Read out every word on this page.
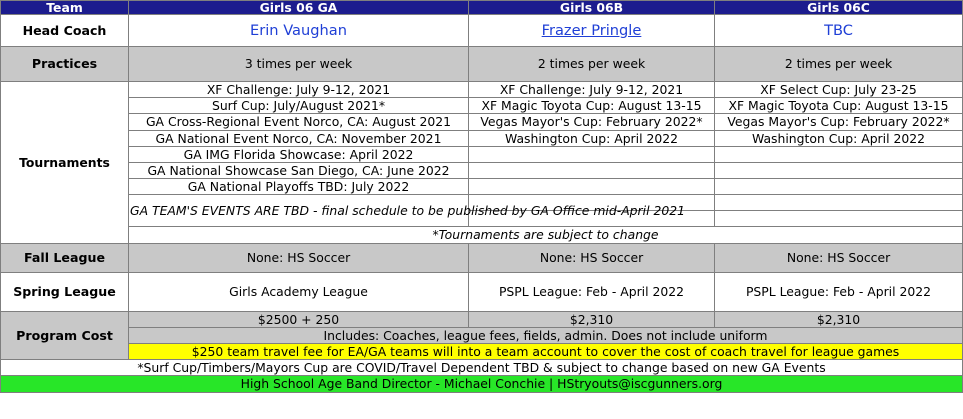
Team	Girls 06 GA	Girls 06B	Girls 06C
Head Coach	Erin Vaughan	Frazer Pringle	TBC
Practices	3 times per week	2 times per week	2 times per week
Tournaments	XF Challenge: July 9-12, 2021	XF Challenge: July 9-12, 2021	XF Select Cup: July 23-25
	Surf Cup: July/August 2021*	XF Magic Toyota Cup: August 13-15	XF Magic Toyota Cup: August 13-15
	GA Cross-Regional Event Norco, CA: August 2021	Vegas Mayor's Cup: February 2022*	Vegas Mayor's Cup: February 2022*
	GA National Event Norco, CA: November 2021	Washington Cup: April 2022	Washington Cup: April 2022
	GA IMG Florida Showcase: April 2022		
	GA National Showcase San Diego, CA: June 2022		
	GA National Playoffs TBD: July 2022		
	GA TEAM'S EVENTS ARE TBD - final schedule to be published by GA Office mid-April 2021		

	*Tournaments are subject to change		
Fall League	None: HS Soccer	None: HS Soccer	None: HS Soccer
Spring League	Girls Academy League	PSPL League: Feb - April 2022	PSPL League: Feb - April 2022
Program Cost	$2500 + 250	$2,310	$2,310
	Includes: Coaches, league fees, fields, admin. Does not include uniform		
	$250 team travel fee for EA/GA teams will into a team account to cover the cost of coach travel for league games		
*Surf Cup/Timbers/Mayors Cup are COVID/Travel Dependent TBD & subject to change based on new GA Events			
High School Age Band Director - Michael Conchie | HStryouts@iscgunners.org			
